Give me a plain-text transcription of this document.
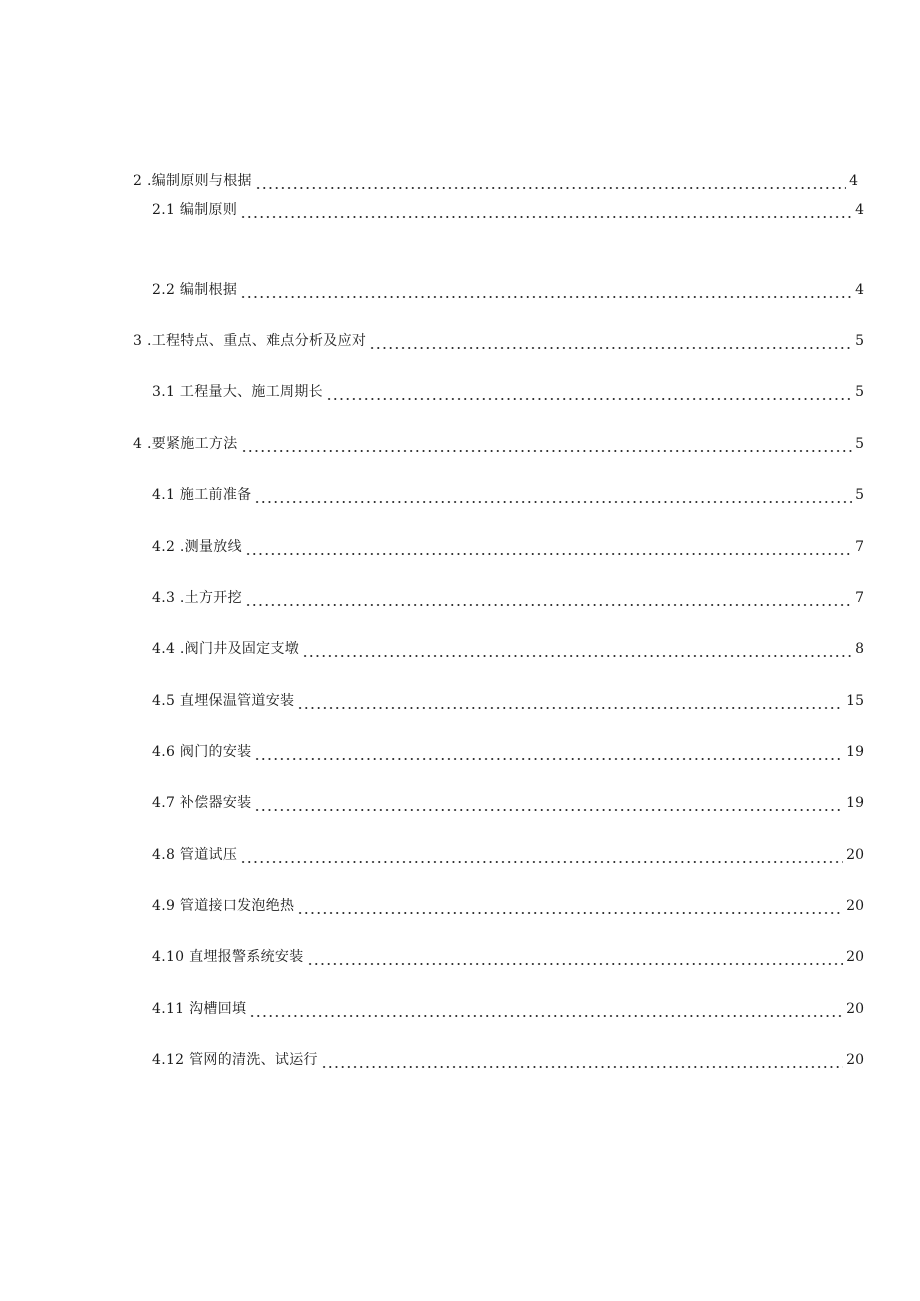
2 .编制原则与根据	4
2.1 编制原则	4
2.2 编制根据	4
3 .工程特点、重点、难点分析及应对	5
3.1 工程量大、施工周期长	5
4 .要紧施工方法	5
4.1 施工前准备	5
4.2 .测量放线	7
4.3 .土方开挖	7
4.4 .阀门井及固定支墩	8
4.5 直埋保温管道安装	15
4.6 阀门的安装	19
4.7 补偿器安装	19
4.8 管道试压	20
4.9 管道接口发泡绝热	20
4.10 直埋报警系统安装	20
4.11 沟槽回填	20
4.12 管网的清洗、试运行	20
